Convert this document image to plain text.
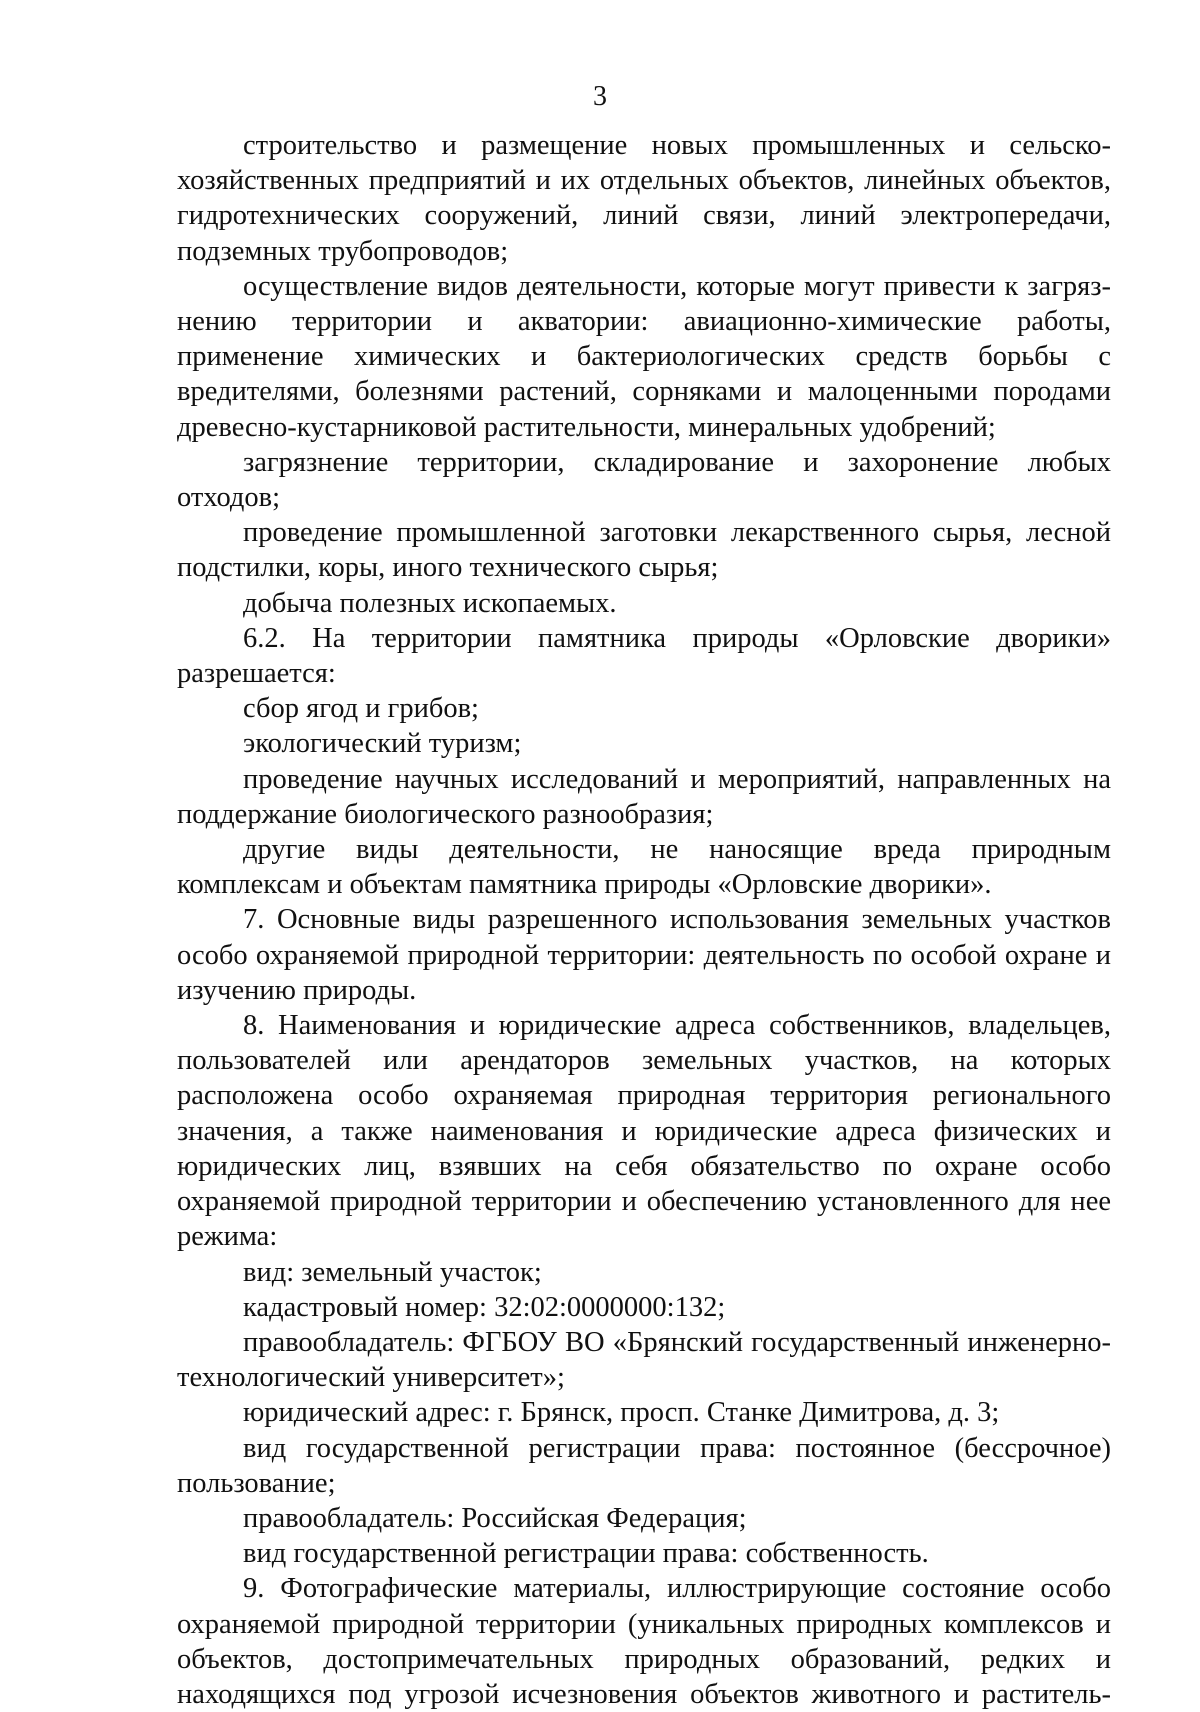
3

строительство и размещение новых промышленных и сельскохозяйственных предприятий и их отдельных объектов, линейных объектов, гидротехнических сооружений, линий связи, линий электропередачи, подземных трубопроводов;

осуществление видов деятельности, которые могут привести к загрязнению территории и акватории: авиационно-химические работы, применение химических и бактериологических средств борьбы с вредителями, болезнями растений, сорняками и малоценными породами древесно-кустарниковой растительности, минеральных удобрений;

загрязнение территории, складирование и захоронение любых отходов;

проведение промышленной заготовки лекарственного сырья, лесной подстилки, коры, иного технического сырья;

добыча полезных ископаемых.

6.2. На территории памятника природы «Орловские дворики» разрешается:

сбор ягод и грибов;

экологический туризм;

проведение научных исследований и мероприятий, направленных на поддержание биологического разнообразия;

другие виды деятельности, не наносящие вреда природным комплексам и объектам памятника природы «Орловские дворики».

7. Основные виды разрешенного использования земельных участков особо охраняемой природной территории: деятельность по особой охране и изучению природы.

8. Наименования и юридические адреса собственников, владельцев, пользователей или арендаторов земельных участков, на которых расположена особо охраняемая природная территория регионального значения, а также наименования и юридические адреса физических и юридических лиц, взявших на себя обязательство по охране особо охраняемой природной территории и обеспечению установленного для нее режима:

вид: земельный участок;

кадастровый номер: 32:02:0000000:132;

правообладатель: ФГБОУ ВО «Брянский государственный инженерно-технологический университет»;

юридический адрес: г. Брянск, просп. Станке Димитрова, д. 3;

вид государственной регистрации права: постоянное (бессрочное) пользование;

правообладатель: Российская Федерация;

вид государственной регистрации права: собственность.

9. Фотографические материалы, иллюстрирующие состояние особо охраняемой природной территории (уникальных природных комплексов и объектов, достопримечательных природных образований, редких и находящихся под угрозой исчезновения объектов животного и раститель-
